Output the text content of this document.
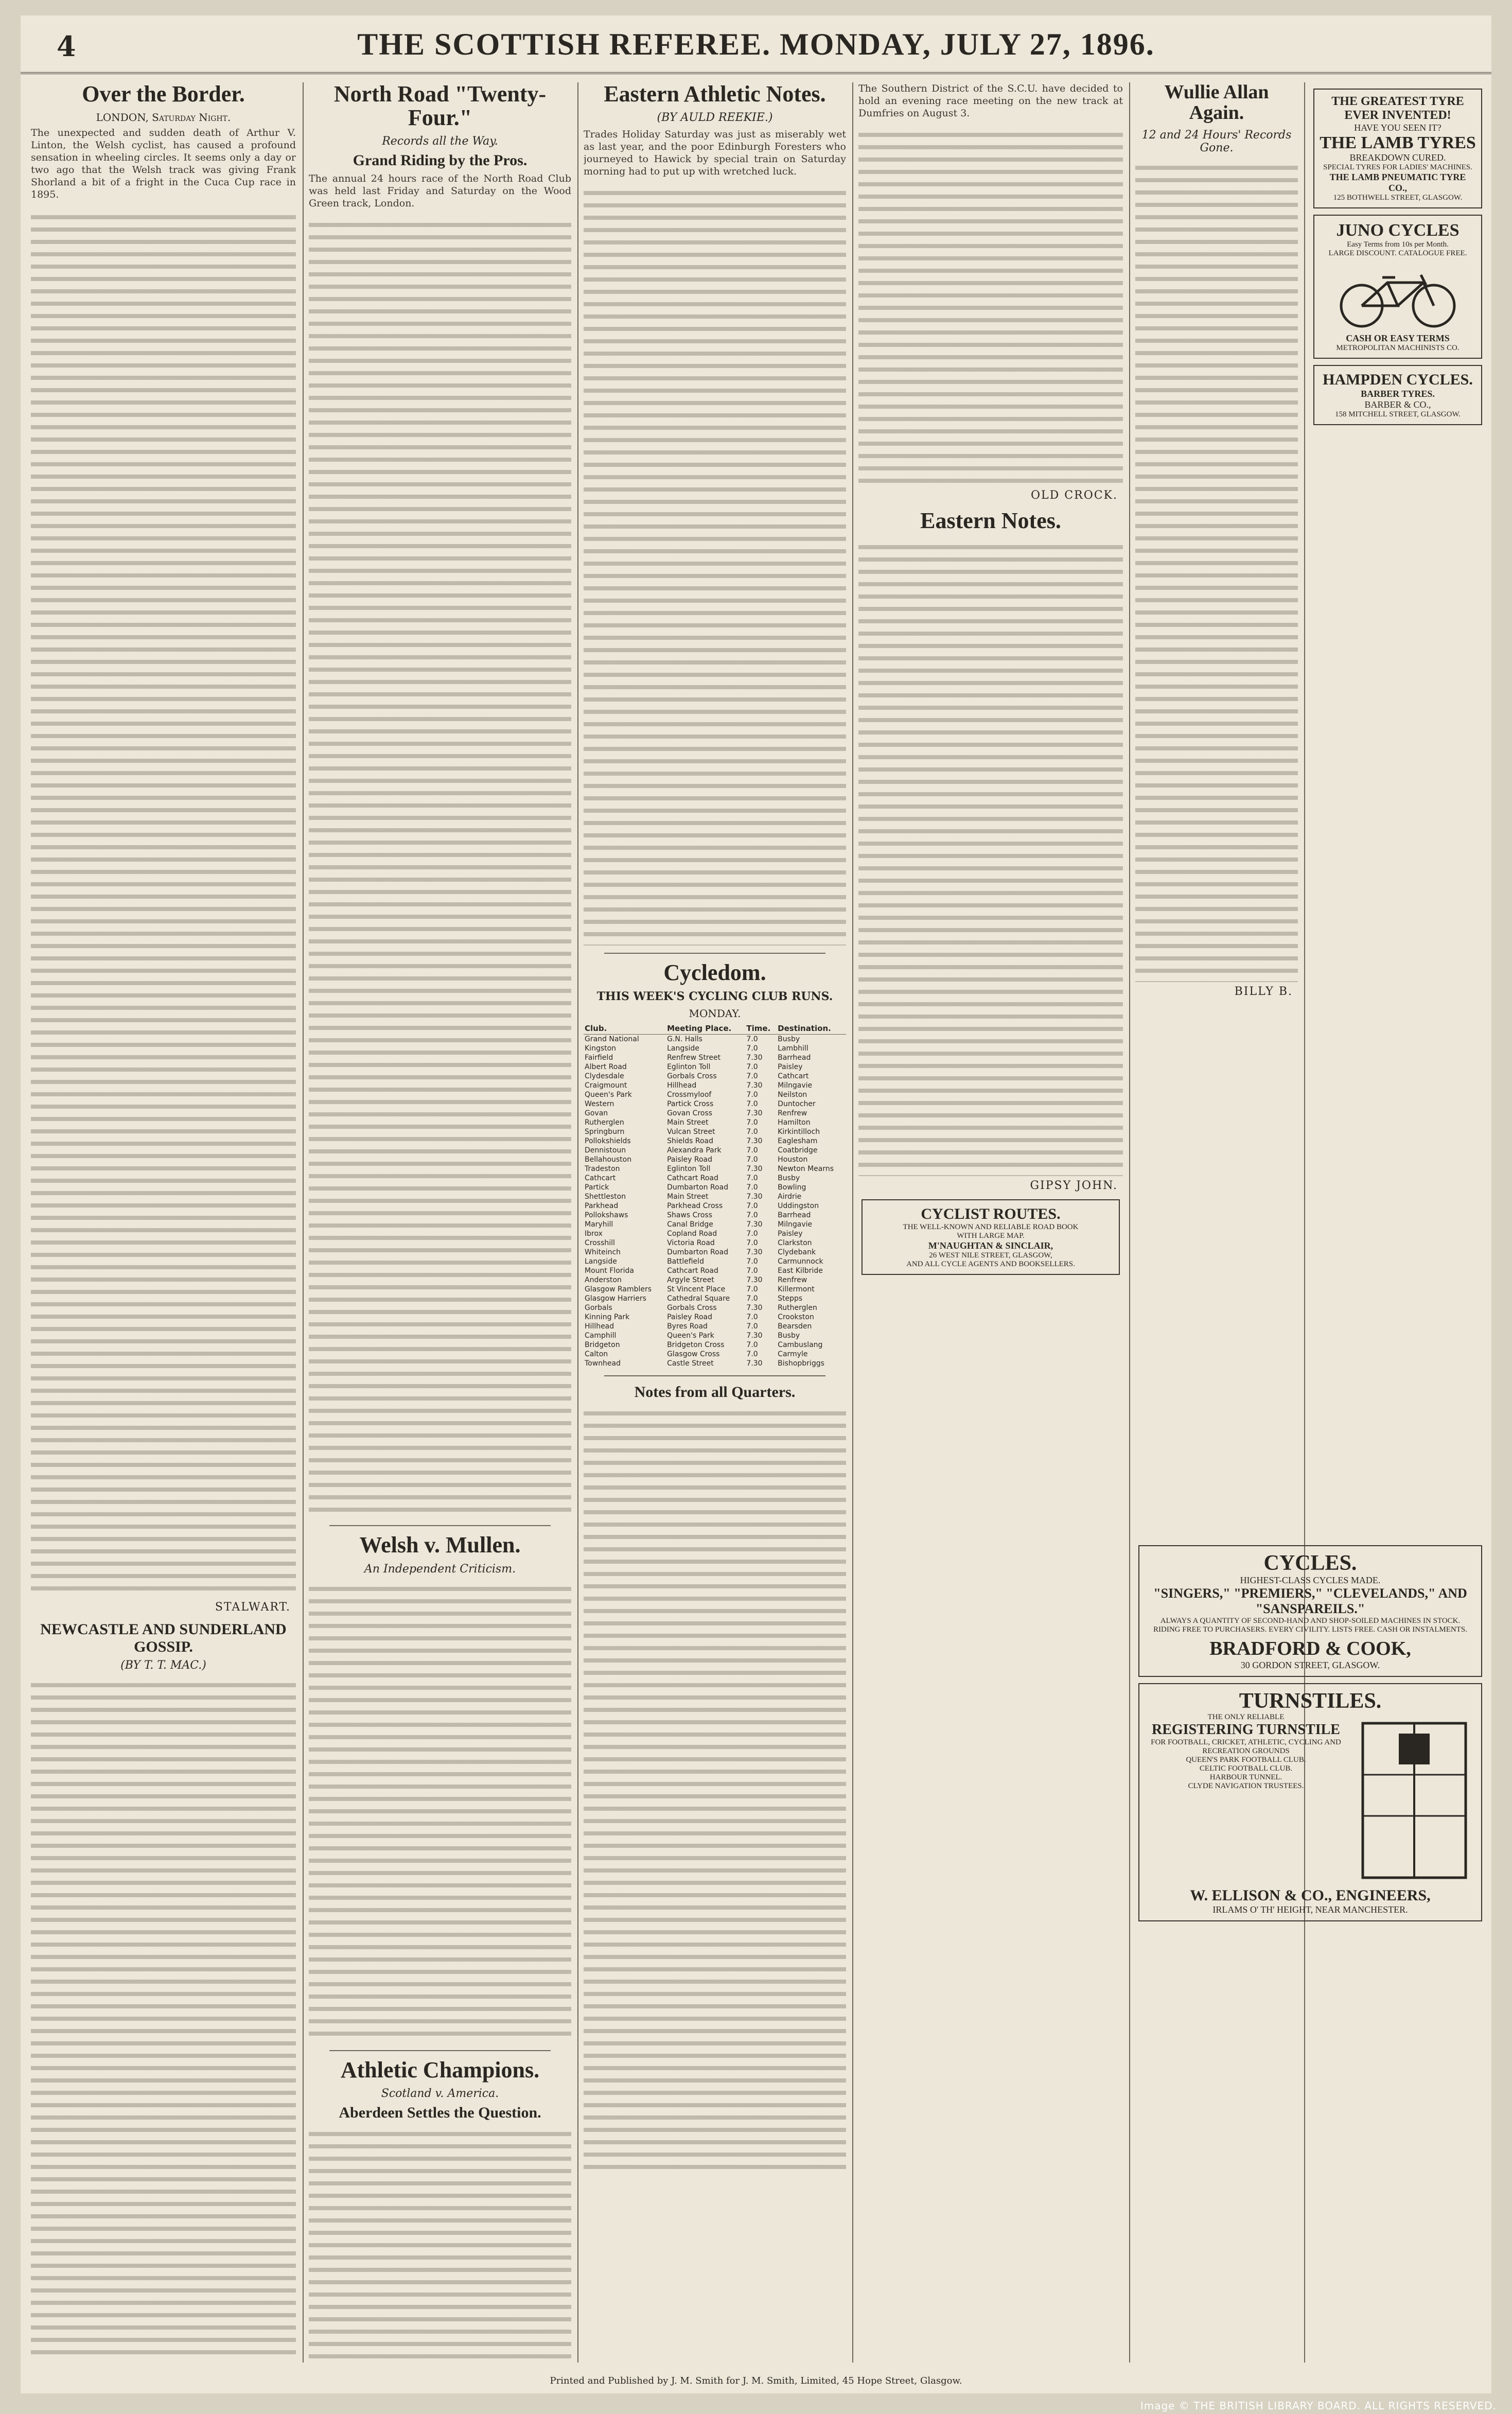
4	THE SCOTTISH REFEREE. MONDAY, JULY 27, 1896.
Over the Border.
LONDON, Saturday Night.
The unexpected and sudden death of Arthur V. Linton, the Welsh cyclist, has caused a profound sensation in wheeling circles. It seems only a day or two ago that the Welsh track was giving Frank Shorland a bit of a fright in the Cuca Cup race in 1895.
STALWART.
NEWCASTLE AND SUNDERLAND GOSSIP.
(BY T. T. MAC.)
North Road "Twenty-Four."
Records all the Way.
Grand Riding by the Pros.
The annual 24 hours race of the North Road Club was held last Friday and Saturday on the Wood Green track, London.
Welsh v. Mullen.
An Independent Criticism.
Athletic Champions.
Scotland v. America.
Aberdeen Settles the Question.
Eastern Athletic Notes.
(BY AULD REEKIE.)
Trades Holiday Saturday was just as miserably wet as last year, and the poor Edinburgh Foresters who journeyed to Hawick by special train on Saturday morning had to put up with wretched luck.
Cycledom.
THIS WEEK'S CYCLING CLUB RUNS.
MONDAY.
Club.	Meeting Place.	Time.	Destination.
Grand National	G.N. Halls	7.0	Busby
Kingston	Langside	7.0	Lambhill
Fairfield	Renfrew Street	7.30	Barrhead
Albert Road	Eglinton Toll	7.0	Paisley
Clydesdale	Gorbals Cross	7.0	Cathcart
Craigmount	Hillhead	7.30	Milngavie
Queen's Park	Crossmyloof	7.0	Neilston
Western	Partick Cross	7.0	Duntocher
Govan	Govan Cross	7.30	Renfrew
Rutherglen	Main Street	7.0	Hamilton
Springburn	Vulcan Street	7.0	Kirkintilloch
Pollokshields	Shields Road	7.30	Eaglesham
Dennistoun	Alexandra Park	7.0	Coatbridge
Bellahouston	Paisley Road	7.0	Houston
Tradeston	Eglinton Toll	7.30	Newton Mearns
Cathcart	Cathcart Road	7.0	Busby
Partick	Dumbarton Road	7.0	Bowling
Shettleston	Main Street	7.30	Airdrie
Parkhead	Parkhead Cross	7.0	Uddingston
Pollokshaws	Shaws Cross	7.0	Barrhead
Maryhill	Canal Bridge	7.30	Milngavie
Ibrox	Copland Road	7.0	Paisley
Crosshill	Victoria Road	7.0	Clarkston
Whiteinch	Dumbarton Road	7.30	Clydebank
Langside	Battlefield	7.0	Carmunnock
Mount Florida	Cathcart Road	7.0	East Kilbride
Anderston	Argyle Street	7.30	Renfrew
Glasgow Ramblers	St Vincent Place	7.0	Killermont
Glasgow Harriers	Cathedral Square	7.0	Stepps
Gorbals	Gorbals Cross	7.30	Rutherglen
Kinning Park	Paisley Road	7.0	Crookston
Hillhead	Byres Road	7.0	Bearsden
Camphill	Queen's Park	7.30	Busby
Bridgeton	Bridgeton Cross	7.0	Cambuslang
Calton	Glasgow Cross	7.0	Carmyle
Townhead	Castle Street	7.30	Bishopbriggs
Notes from all Quarters.
The Southern District of the S.C.U. have decided to hold an evening race meeting on the new track at Dumfries on August 3.
OLD CROCK.
Eastern Notes.
GIPSY JOHN.
CYCLIST ROUTES.
THE WELL-KNOWN AND RELIABLE ROAD BOOK
WITH LARGE MAP.
M'NAUGHTAN & SINCLAIR,
26 WEST NILE STREET, GLASGOW,
AND ALL CYCLE AGENTS AND BOOKSELLERS.
Wullie Allan Again.
12 and 24 Hours' Records Gone.
BILLY B.
THE GREATEST TYRE EVER INVENTED!
HAVE YOU SEEN IT?
THE LAMB TYRES
BREAKDOWN CURED.
SPECIAL TYRES FOR LADIES' MACHINES.
THE LAMB PNEUMATIC TYRE CO.,
125 BOTHWELL STREET, GLASGOW.
JUNO CYCLES
Easy Terms from 10s per Month.
LARGE DISCOUNT. CATALOGUE FREE.
CASH OR EASY TERMS
METROPOLITAN MACHINISTS CO.
HAMPDEN CYCLES.
BARBER TYRES.
BARBER & CO.,
158 MITCHELL STREET, GLASGOW.
CYCLES.
HIGHEST-CLASS CYCLES MADE.
"SINGERS," "PREMIERS," "CLEVELANDS," AND "SANSPAREILS."
ALWAYS A QUANTITY OF SECOND-HAND AND SHOP-SOILED MACHINES IN STOCK.
RIDING FREE TO PURCHASERS. EVERY CIVILITY. LISTS FREE. CASH OR INSTALMENTS.
BRADFORD & COOK,
30 GORDON STREET, GLASGOW.
TURNSTILES.
THE ONLY RELIABLE
REGISTERING TURNSTILE
FOR FOOTBALL, CRICKET, ATHLETIC, CYCLING AND RECREATION GROUNDS
QUEEN'S PARK FOOTBALL CLUB.
CELTIC FOOTBALL CLUB.
HARBOUR TUNNEL.
CLYDE NAVIGATION TRUSTEES.
W. ELLISON & CO., ENGINEERS,
IRLAMS O' TH' HEIGHT, NEAR MANCHESTER.
Printed and Published by J. M. Smith for J. M. Smith, Limited, 45 Hope Street, Glasgow.
Image © THE BRITISH LIBRARY BOARD. ALL RIGHTS RESERVED.
